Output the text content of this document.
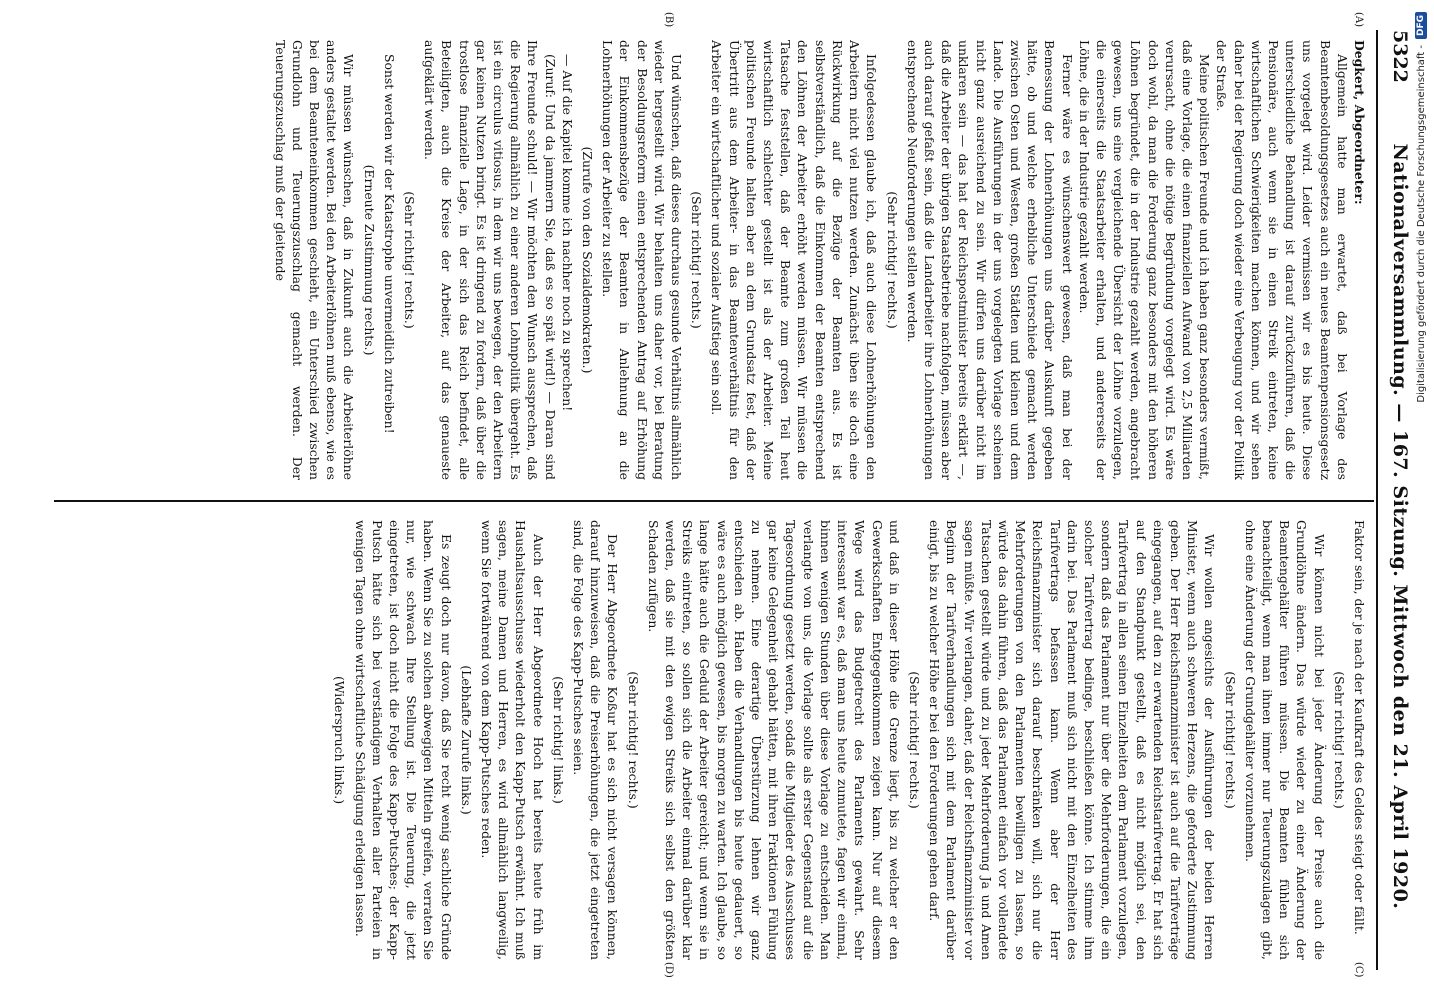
5322
Nationalversammlung. — 167. Sitzung. Mittwoch den 21. April 1920.
(A)
(B)
(C)
(D)

Degkert, Abgeordneter:

Allgemein hatte man erwartet, daß bei Vorlage des Beamtenbesoldungsgesetzes auch ein neues Beamtenpensionsgesetz uns vorgelegt wird. Leider vermissen wir es bis heute. Diese unterschiedliche Behandlung ist darauf zurückzuführen, daß die Pensionäre, auch wenn sie in einen Streik eintreten, keine wirtschaftlichen Schwierigkeiten machen können, und wir sehen daher bei der Regierung doch wieder eine Verbeugung vor der Politik der Straße.

Meine politischen Freunde und ich haben ganz besonders vermißt, daß eine Vorlage, die einen finanziellen Aufwand von 2,5 Milliarden verursacht, ohne die nötige Begründung vorgelegt wird. Es wäre doch wohl, da man die Forderung ganz besonders mit den höheren Löhnen begründet, die in der Industrie gezahlt werden, angebracht gewesen, uns eine vergleichende Übersicht der Löhne vorzulegen, die einerseits die Staatsarbeiter erhalten, und andererseits der Löhne, die in der Industrie gezahlt werden.

Ferner wäre es wünschenswert gewesen, daß man bei der Bemessung der Lohnerhöhungen uns darüber Auskunft gegeben hätte, ob und welche erhebliche Unterschiede gemacht werden zwischen Osten und Westen, großen Städten und kleinen und dem Lande. Die Ausführungen in der uns vorgelegten Vorlage scheinen nicht ganz ausreichend zu sein. Wir dürfen uns darüber nicht im unklaren sein — das hat der Reichspostminister bereits erklärt —, daß die Arbeiter der übrigen Staatsbetriebe nachfolgen, müssen aber auch darauf gefaßt sein, daß die Landarbeiter ihre Lohnerhöhungen entsprechende Neuforderungen stellen werden.

(Sehr richtig! rechts.)

Infolgedessen glaube ich, daß auch diese Lohnerhöhungen den Arbeitern nicht viel nutzen werden. Zunächst üben sie doch eine Rückwirkung auf die Bezüge der Beamten aus. Es ist selbstverständlich, daß die Einkommen der Beamten entsprechend den Löhnen der Arbeiter erhöht werden müssen. Wir müssen die Tatsache feststellen, daß der Beamte zum großen Teil heut wirtschaftlich schlechter gestellt ist als der Arbeiter. Meine politischen Freunde halten aber an dem Grundsatz fest, daß der Übertritt aus dem Arbeiter- in das Beamtenverhältnis für den Arbeiter ein wirtschaftlicher und sozialer Aufstieg sein soll.

(Sehr richtig! rechts.)

Und wünschen, daß dieses durchaus gesunde Verhältnis allmählich wieder hergestellt wird. Wir behalten uns daher vor, bei Beratung der Besoldungsreform einen entsprechenden Antrag auf Erhöhung der Einkommensbezüge der Beamten in Anlehnung an die Lohnerhöhungen der Arbeiter zu stellen.

(Zurufe von den Sozialdemokraten.)

— Auf die Kapitel komme ich nachher noch zu sprechen!

(Zuruf: Und da jammern Sie, daß es so spät wird!) — Daran sind Ihre Freunde schuld! — Wir möchten den Wunsch aussprechen, daß die Regierung allmählich zu einer anderen Lohnpolitik übergeht. Es ist ein circulus vitiosus, in dem wir uns bewegen, der den Arbeitern gar keinen Nutzen bringt. Es ist dringend zu fordern, daß über die trostlose finanzielle Lage, in der sich das Reich befindet, alle Beteiligten, auch die Kreise der Arbeiter, auf das genaueste aufgeklärt werden.

(Sehr richtig! rechts.)

Sonst werden wir der Katastrophe unvermeidlich zutreiben!

(Erneute Zustimmung rechts.)

Wir müssen wünschen, daß in Zukunft auch die Arbeiterlöhne anders gestaltet werden. Bei den Arbeiterlöhnen muß ebenso, wie es bei dem Beamteneinkommen geschieht, ein Unterschied zwischen Grundlohn und Teuerungszuschlag gemacht werden. Der Teuerungszuschlag muß der gleitende

Faktor sein, der je nach der Kaufkraft des Geldes steigt oder fällt.

(Sehr richtig! rechts.)

Wir können nicht bei jeder Änderung der Preise auch die Grundlöhne ändern. Das würde wieder zu einer Änderung der Beamtengehälter führen müssen. Die Beamten fühlen sich benachteiligt, wenn man ihnen immer nur Teuerungszulagen gibt, ohne eine Änderung der Grundgehälter vorzunehmen.

(Sehr richtig! rechts.)

Wir wollen angesichts der Ausführungen der beiden Herren Minister, wenn auch schweren Herzens, die geforderte Zustimmung geben. Der Herr Reichsfinanzminister ist auch auf die Tarifverträge eingegangen, auf den zu erwartenden Reichstarifvertrag. Er hat sich auf den Standpunkt gestellt, daß es nicht möglich sei, den Tarifvertrag in allen seinen Einzelheiten dem Parlament vorzulegen, sondern daß das Parlament nur über die Mehrforderungen, die ein solcher Tarifvertrag bedinge, beschließen könne. Ich stimme ihm darin bei. Das Parlament muß sich nicht mit den Einzelheiten des Tarifvertrags befassen kann. Wenn aber der Herr Reichsfinanzminister sich darauf beschränken will, sich nur die Mehrforderungen von den Parlamenten bewilligen zu lassen, so würde das dahin führen, daß das Parlament einfach vor vollendete Tatsachen gestellt würde und zu jeder Mehrforderung Ja und Amen sagen müßte. Wir verlangen, daher, daß der Reichsfinanzminister vor Beginn der Tarifverhandlungen sich mit dem Parlament darüber einigt, bis zu welcher Höhe er bei den Forderungen gehen darf.

(Sehr richtig! rechts.)

und daß in dieser Höhe die Grenze liegt, bis zu welcher er den Gewerkschaften Entgegenkommen zeigen kann. Nur auf diesem Wege wird das Budgetrecht des Parlaments gewahrt. Sehr interessant war es, daß man uns heute zumutete, fagen wir einmal, binnen wenigen Stunden über diese Vorlage zu entscheiden. Man verlangte von uns, die Vorlage sollte als erster Gegenstand auf die Tagesordnung gesetzt werden, sodaß die Mitglieder des Ausschusses gar keine Gelegenheit gehabt hätten, mit ihren Fraktionen Fühlung zu nehmen. Eine derartige Überstürzung lehnen wir ganz entschieden ab. Haben die Verhandlungen bis heute gedauert, so wäre es auch möglich gewesen, bis morgen zu warten. Ich glaube, so lange hätte auch die Geduld der Arbeiter gereicht; und wenn sie in Streiks eintreten, so sollen sich die Arbeiter einmal darüber klar werden, daß sie mit den ewigen Streiks sich selbst den größten Schaden zufügen.

(Sehr richtig! rechts.)

Der Herr Abgeordnete Koßur hat es sich nicht versagen können, darauf hinzuweisen, daß die Preiserhöhungen, die jetzt eingetreten sind, die Folge des Kapp-Putsches seien.

(Sehr richtig! links.)

Auch der Herr Abgeordnete Hoch hat bereits heute früh im Haushaltsausschusse wiederholt den Kapp-Putsch erwähnt. Ich muß sagen, meine Damen und Herren, es wird allmählich langweilig, wenn Sie fortwährend von dem Kapp-Putsches reden.

(Lebhafte Zurufe links.)

Es zeugt doch nur davon, daß Sie recht wenig sachliche Gründe haben. Wenn Sie zu solchen abwegigen Mitteln greifen, verraten Sie nur, wie schwach Ihre Stellung ist. Die Teuerung, die jetzt eingetreten, ist doch nicht die Folge des Kapp-Putsches; der Kapp-Putsch hätte sich bei verständigem Verhalten aller Parteien in wenigen Tagen ohne wirtschaftliche Schädigung erledigen lassen.

(Widerspruch links.)

Digitalisierung gefördert durch die Deutsche Forschungsgemeinschaft -
DFG
